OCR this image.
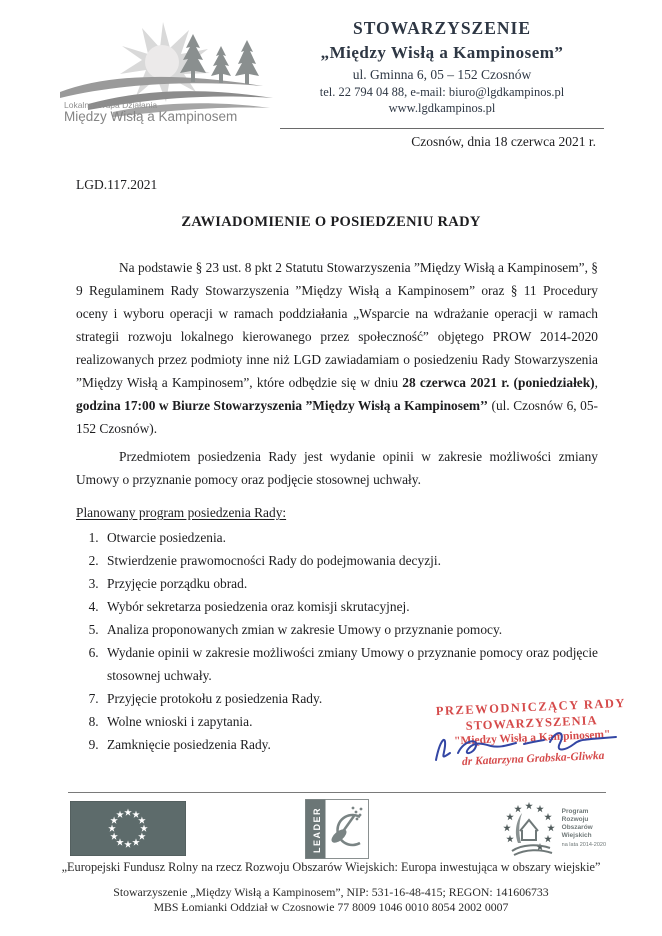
Lokalna Grupa Działania
Między Wisłą a Kampinosem
STOWARZYSZENIE
„Między Wisłą a Kampinosem”
ul. Gminna 6, 05 – 152 Czosnów
tel. 22 794 04 88, e-mail: biuro@lgdkampinos.pl
www.lgdkampinos.pl
Czosnów, dnia 18 czerwca 2021 r.
LGD.117.2021
ZAWIADOMIENIE O POSIEDZENIU RADY

Na podstawie § 23 ust. 8 pkt 2 Statutu Stowarzyszenia ”Między Wisłą a Kampinosem”, § 9 Regulaminem Rady Stowarzyszenia ”Między Wisłą a Kampinosem” oraz § 11 Procedury oceny i wyboru operacji w ramach poddziałania „Wsparcie na wdrażanie operacji w ramach strategii rozwoju lokalnego kierowanego przez społeczność” objętego PROW 2014-2020 realizowanych przez podmioty inne niż LGD zawiadamiam o posiedzeniu Rady Stowarzyszenia ”Między Wisłą a Kampinosem”, które odbędzie się w dniu 28 czerwca 2021 r. (poniedziałek), godzina 17:00 w Biurze Stowarzyszenia ”Między Wisłą a Kampinosem’’ (ul. Czosnów 6, 05-152 Czosnów).

Przedmiotem posiedzenia Rady jest wydanie opinii w zakresie możliwości zmiany Umowy o przyznanie pomocy oraz podjęcie stosownej uchwały.

Planowany program posiedzenia Rady:
1. Otwarcie posiedzenia.
2. Stwierdzenie prawomocności Rady do podejmowania decyzji.
3. Przyjęcie porządku obrad.
4. Wybór sekretarza posiedzenia oraz komisji skrutacyjnej.
5. Analiza proponowanych zmian w zakresie Umowy o przyznanie pomocy.
6. Wydanie opinii w zakresie możliwości zmiany Umowy o przyznanie pomocy oraz podjęcie stosownej uchwały.
7. Przyjęcie protokołu z posiedzenia Rady.
8. Wolne wnioski i zapytania.
9. Zamknięcie posiedzenia Rady.
PRZEWODNICZĄCY RADY
STOWARZYSZENIA
"Między Wisłą a Kampinosem"
dr Katarzyna Grabska-Gliwka
LEADER	Program
Rozwoju
Obszarów
Wiejskich
na lata 2014-2020
„Europejski Fundusz Rolny na rzecz Rozwoju Obszarów Wiejskich: Europa inwestująca w obszary wiejskie”
Stowarzyszenie „Między Wisłą a Kampinosem”, NIP: 531-16-48-415; REGON: 141606733
MBS Łomianki Oddział w Czosnowie 77 8009 1046 0010 8054 2002 0007
